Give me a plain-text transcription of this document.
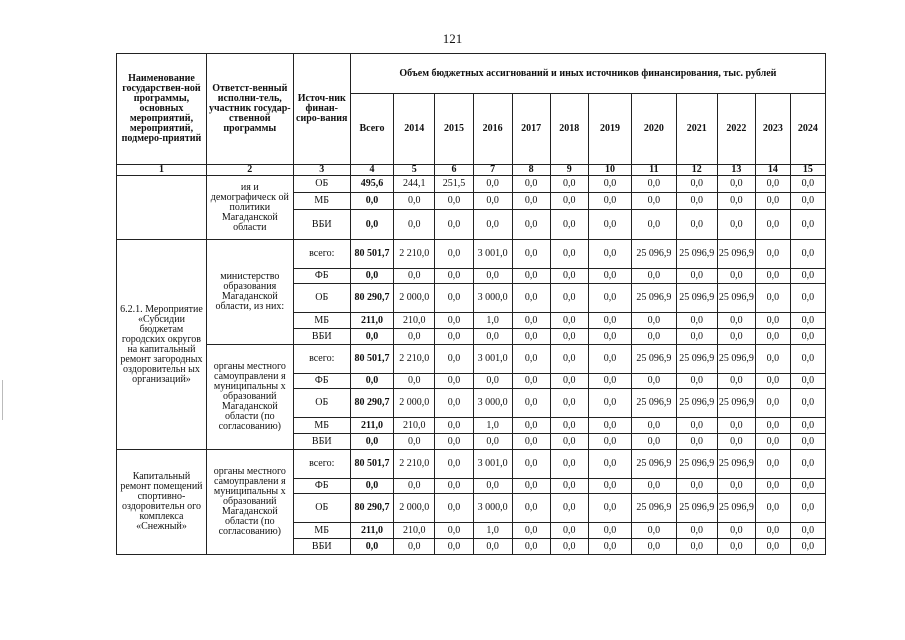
121
Наименование государствен-ной программы, основных мероприятий, мероприятий, подмеро-приятий	Ответст-венный исполни-тель, участник государ-ственной программы	Источ-ник финан-сиро-вания	Объем бюджетных ассигнований и иных источников финансирования, тыс. рублей											
			Всего	2014	2015	2016	2017	2018	2019	2020	2021	2022	2023	2024
1	2	3	4	5	6	7	8	9	10	11	12	13	14	15
	ия и демографическ ой политики Магаданской области	ОБ	495,6	244,1	251,5	0,0	0,0	0,0	0,0	0,0	0,0	0,0	0,0	0,0
		МБ	0,0	0,0	0,0	0,0	0,0	0,0	0,0	0,0	0,0	0,0	0,0	0,0
		ВБИ	0,0	0,0	0,0	0,0	0,0	0,0	0,0	0,0	0,0	0,0	0,0	0,0
6.2.1. Мероприятие «Субсидии бюджетам городских округов на капитальный ремонт загородных оздоровительн ых организаций»	министерство образования Магаданской области, из них:	всего:	80 501,7	2 210,0	0,0	3 001,0	0,0	0,0	0,0	25 096,9	25 096,9	25 096,9	0,0	0,0
		ФБ	0,0	0,0	0,0	0,0	0,0	0,0	0,0	0,0	0,0	0,0	0,0	0,0
		ОБ	80 290,7	2 000,0	0,0	3 000,0	0,0	0,0	0,0	25 096,9	25 096,9	25 096,9	0,0	0,0
		МБ	211,0	210,0	0,0	1,0	0,0	0,0	0,0	0,0	0,0	0,0	0,0	0,0
		ВБИ	0,0	0,0	0,0	0,0	0,0	0,0	0,0	0,0	0,0	0,0	0,0	0,0
	органы местного самоуправлени я муниципальны х образований Магаданской области (по согласованию)	всего:	80 501,7	2 210,0	0,0	3 001,0	0,0	0,0	0,0	25 096,9	25 096,9	25 096,9	0,0	0,0
		ФБ	0,0	0,0	0,0	0,0	0,0	0,0	0,0	0,0	0,0	0,0	0,0	0,0
		ОБ	80 290,7	2 000,0	0,0	3 000,0	0,0	0,0	0,0	25 096,9	25 096,9	25 096,9	0,0	0,0
		МБ	211,0	210,0	0,0	1,0	0,0	0,0	0,0	0,0	0,0	0,0	0,0	0,0
		ВБИ	0,0	0,0	0,0	0,0	0,0	0,0	0,0	0,0	0,0	0,0	0,0	0,0
Капитальный ремонт помещений спортивно-оздоровительн ого комплекса «Снежный»	органы местного самоуправлени я муниципальны х образований Магаданской области (по согласованию)	всего:	80 501,7	2 210,0	0,0	3 001,0	0,0	0,0	0,0	25 096,9	25 096,9	25 096,9	0,0	0,0
		ФБ	0,0	0,0	0,0	0,0	0,0	0,0	0,0	0,0	0,0	0,0	0,0	0,0
		ОБ	80 290,7	2 000,0	0,0	3 000,0	0,0	0,0	0,0	25 096,9	25 096,9	25 096,9	0,0	0,0
		МБ	211,0	210,0	0,0	1,0	0,0	0,0	0,0	0,0	0,0	0,0	0,0	0,0
		ВБИ	0,0	0,0	0,0	0,0	0,0	0,0	0,0	0,0	0,0	0,0	0,0	0,0
